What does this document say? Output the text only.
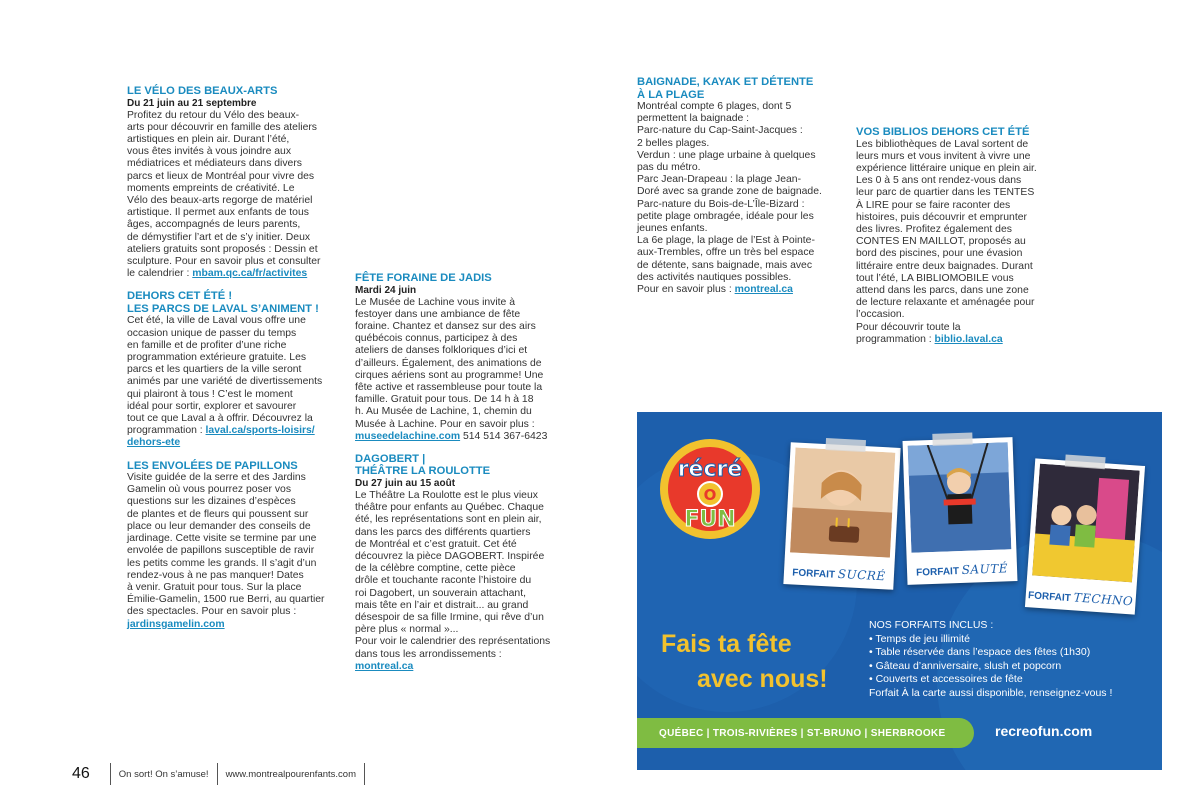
LE VÉLO DES BEAUX-ARTS

Du 21 juin au 21 septembre

Profitez du retour du Vélo des beaux-

arts pour découvrir en famille des ateliers

artistiques en plein air. Durant l’été,

vous êtes invités à vous joindre aux

médiatrices et médiateurs dans divers

parcs et lieux de Montréal pour vivre des

moments empreints de créativité. Le

Vélo des beaux-arts regorge de matériel

artistique. Il permet aux enfants de tous

âges, accompagnés de leurs parents,

de démystifier l’art et de s’y initier. Deux

ateliers gratuits sont proposés : Dessin et

sculpture. Pour en savoir plus et consulter

le calendrier : mbam.qc.ca/fr/activites

DEHORS CET ÉTÉ !

LES PARCS DE LAVAL S’ANIMENT !

Cet été, la ville de Laval vous offre une

occasion unique de passer du temps

en famille et de profiter d’une riche

programmation extérieure gratuite. Les

parcs et les quartiers de la ville seront

animés par une variété de divertissements

qui plairont à tous ! C’est le moment

idéal pour sortir, explorer et savourer

tout ce que Laval a à offrir. Découvrez la

programmation : laval.ca/sports-loisirs/

dehors-ete

LES ENVOLÉES DE PAPILLONS

Visite guidée de la serre et des Jardins

Gamelin où vous pourrez poser vos

questions sur les dizaines d’espèces

de plantes et de fleurs qui poussent sur

place ou leur demander des conseils de

jardinage. Cette visite se termine par une

envolée de papillons susceptible de ravir

les petits comme les grands. Il s’agit d’un

rendez-vous à ne pas manquer! Dates

à venir. Gratuit pour tous. Sur la place

Émilie-Gamelin, 1500 rue Berri, au quartier

des spectacles. Pour en savoir plus :

jardinsgamelin.com

FÊTE FORAINE DE JADIS

Mardi 24 juin

Le Musée de Lachine vous invite à

festoyer dans une ambiance de fête

foraine. Chantez et dansez sur des airs

québécois connus, participez à des

ateliers de danses folkloriques d’ici et

d’ailleurs. Également, des animations de

cirques aériens sont au programme! Une

fête active et rassembleuse pour toute la

famille. Gratuit pour tous. De 14 h à 18

h. Au Musée de Lachine, 1, chemin du

Musée à Lachine. Pour en savoir plus :

museedelachine.com 514 514 367-6423

DAGOBERT |

THÉÂTRE LA ROULOTTE

Du 27 juin au 15 août

Le Théâtre La Roulotte est le plus vieux

théâtre pour enfants au Québec. Chaque

été, les représentations sont en plein air,

dans les parcs des différents quartiers

de Montréal et c’est gratuit. Cet été

découvrez la pièce DAGOBERT. Inspirée

de la célèbre comptine, cette pièce

drôle et touchante raconte l’histoire du

roi Dagobert, un souverain attachant,

mais tête en l’air et distrait... au grand

désespoir de sa fille Irmine, qui rêve d’un

père plus « normal »...

Pour voir le calendrier des représentations

dans tous les arrondissements :

montreal.ca

BAIGNADE, KAYAK ET DÉTENTE

À LA PLAGE

Montréal compte 6 plages, dont 5

permettent la baignade :

Parc-nature du Cap-Saint-Jacques :

2 belles plages.

Verdun : une plage urbaine à quelques

pas du métro.

Parc Jean-Drapeau : la plage Jean-

Doré avec sa grande zone de baignade.

Parc-nature du Bois-de-L’Île-Bizard :

petite plage ombragée, idéale pour les

jeunes enfants.

La 6e plage, la plage de l’Est à Pointe-

aux-Trembles, offre un très bel espace

de détente, sans baignade, mais avec

des activités nautiques possibles.

Pour en savoir plus : montreal.ca

VOS BIBLIOS DEHORS CET ÉTÉ

Les bibliothèques de Laval sortent de

leurs murs et vous invitent à vivre une

expérience littéraire unique en plein air.

Les 0 à 5 ans ont rendez-vous dans

leur parc de quartier dans les TENTES

À LIRE pour se faire raconter des

histoires, puis découvrir et emprunter

des livres. Profitez également des

CONTES EN MAILLOT, proposés au

bord des piscines, pour une évasion

littéraire entre deux baignades. Durant

tout l’été, LA BIBLIOMOBILE vous

attend dans les parcs, dans une zone

de lecture relaxante et aménagée pour

l’occasion.

Pour découvrir toute la

programmation : biblio.laval.ca

récré
O
FUN
FORFAIT SUCRÉ	FORFAIT SAUTÉ
FORFAIT TECHNO
Fais ta fête
avec nous!
NOS FORFAITS INCLUS :
• Temps de jeu illimité
• Table réservée dans l’espace des fêtes (1h30)
• Gâteau d’anniversaire, slush et popcorn
• Couverts et accessoires de fête
Forfait À la carte aussi disponible, renseignez-vous !
QUÉBEC | TROIS-RIVIÈRES | ST-BRUNO | SHERBROOKE	recreofun.com
46	On sort! On s’amuse! www.montrealpourenfants.com
